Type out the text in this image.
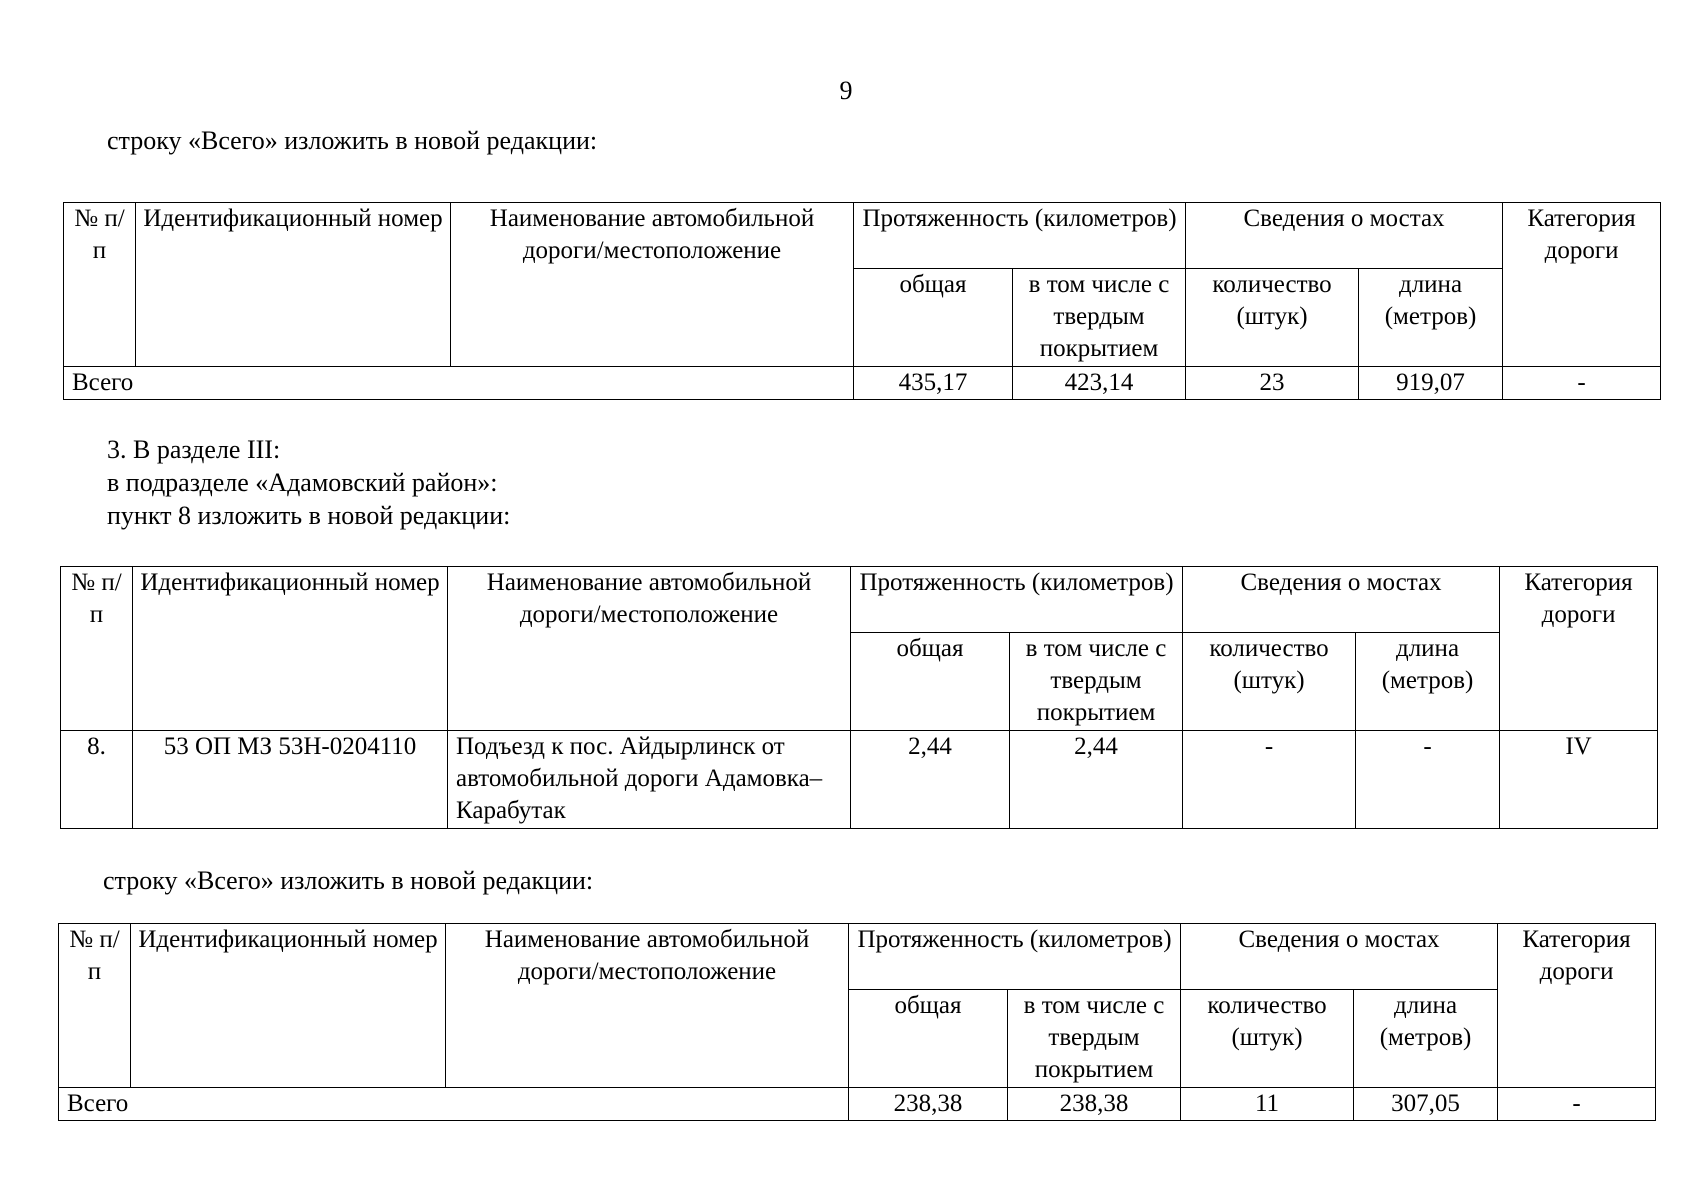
9
строку «Всего» изложить в новой редакции:
№ п/п	Идентификационный номер	Наименование автомобильной дороги/местоположение	Протяженность (километров)		Сведения о мостах		Категория дороги
			общая	в том числе с твердым покрытием	количество (штук)	длина (метров)	
Всего			435,17	423,14	23	919,07	-
3. В разделе III:
в подразделе «Адамовский район»:
пункт 8 изложить в новой редакции:
№ п/п	Идентификационный номер	Наименование автомобильной дороги/местоположение	Протяженность (километров)		Сведения о мостах		Категория дороги
			общая	в том числе с твердым покрытием	количество (штук)	длина (метров)	
8.	53 ОП МЗ 53Н-0204110	Подъезд к пос. Айдырлинск от автомобильной дороги Адамовка–Карабутак	2,44	2,44	-	-	IV
строку «Всего» изложить в новой редакции:
№ п/п	Идентификационный номер	Наименование автомобильной дороги/местоположение	Протяженность (километров)		Сведения о мостах		Категория дороги
			общая	в том числе с твердым покрытием	количество (штук)	длина (метров)	
Всего			238,38	238,38	11	307,05	-
